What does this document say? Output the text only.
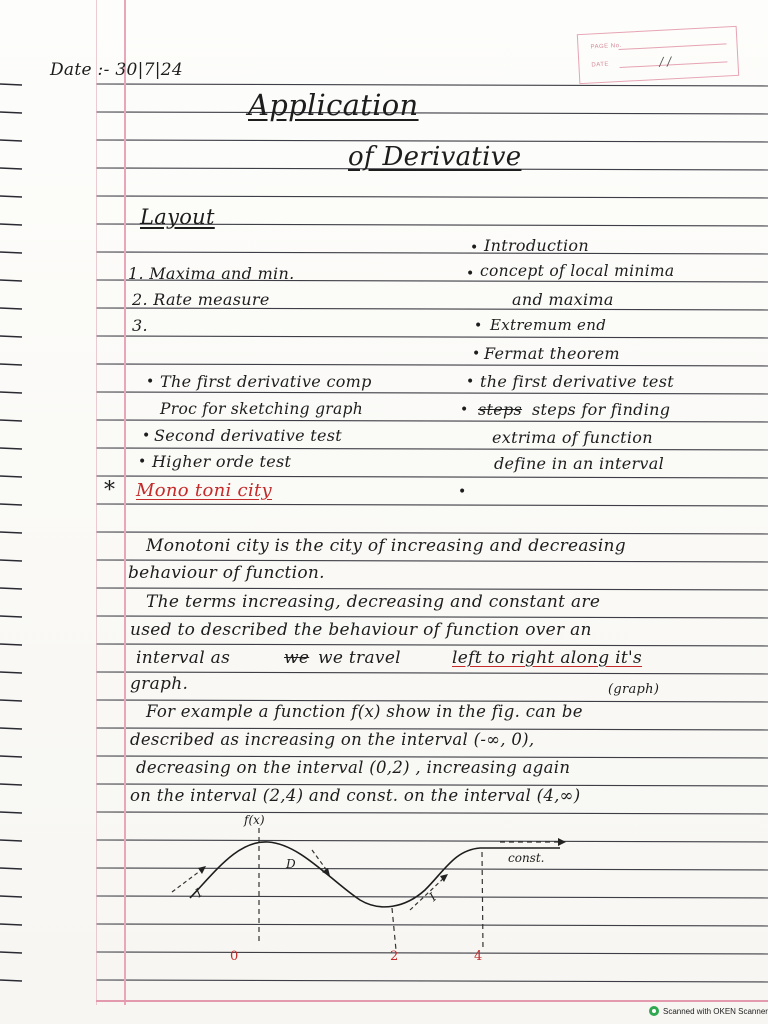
PAGE No.
DATE	/ /
Date :- 30|7|24
Application
of Derivative
Layout
1. Maxima and min.
2. Rate measure
3.
• Introduction
• concept of local minima
and maxima
• Extremum end
• Fermat theorem
• the first derivative test
• steps steps for finding
extrima of function
define in an interval
•
• The first derivative comp
Proc for sketching graph
• Second derivative test
• Higher orde test
* Mono toni city
Monotoni city is the city of increasing and decreasing
behaviour of function.
The terms increasing, decreasing and constant are
used to described the behaviour of function over an
interval as	we we travel	left to right along it's
graph.	(graph)
For example a function f(x) show in the fig. can be
described as increasing on the interval (-∞, 0),
decreasing on the interval (0,2) , increasing again
on the interval (2,4) and const. on the interval (4,∞)
f(x)
const.
I
D
I
0	2	4
Scanned with OKEN Scanner
